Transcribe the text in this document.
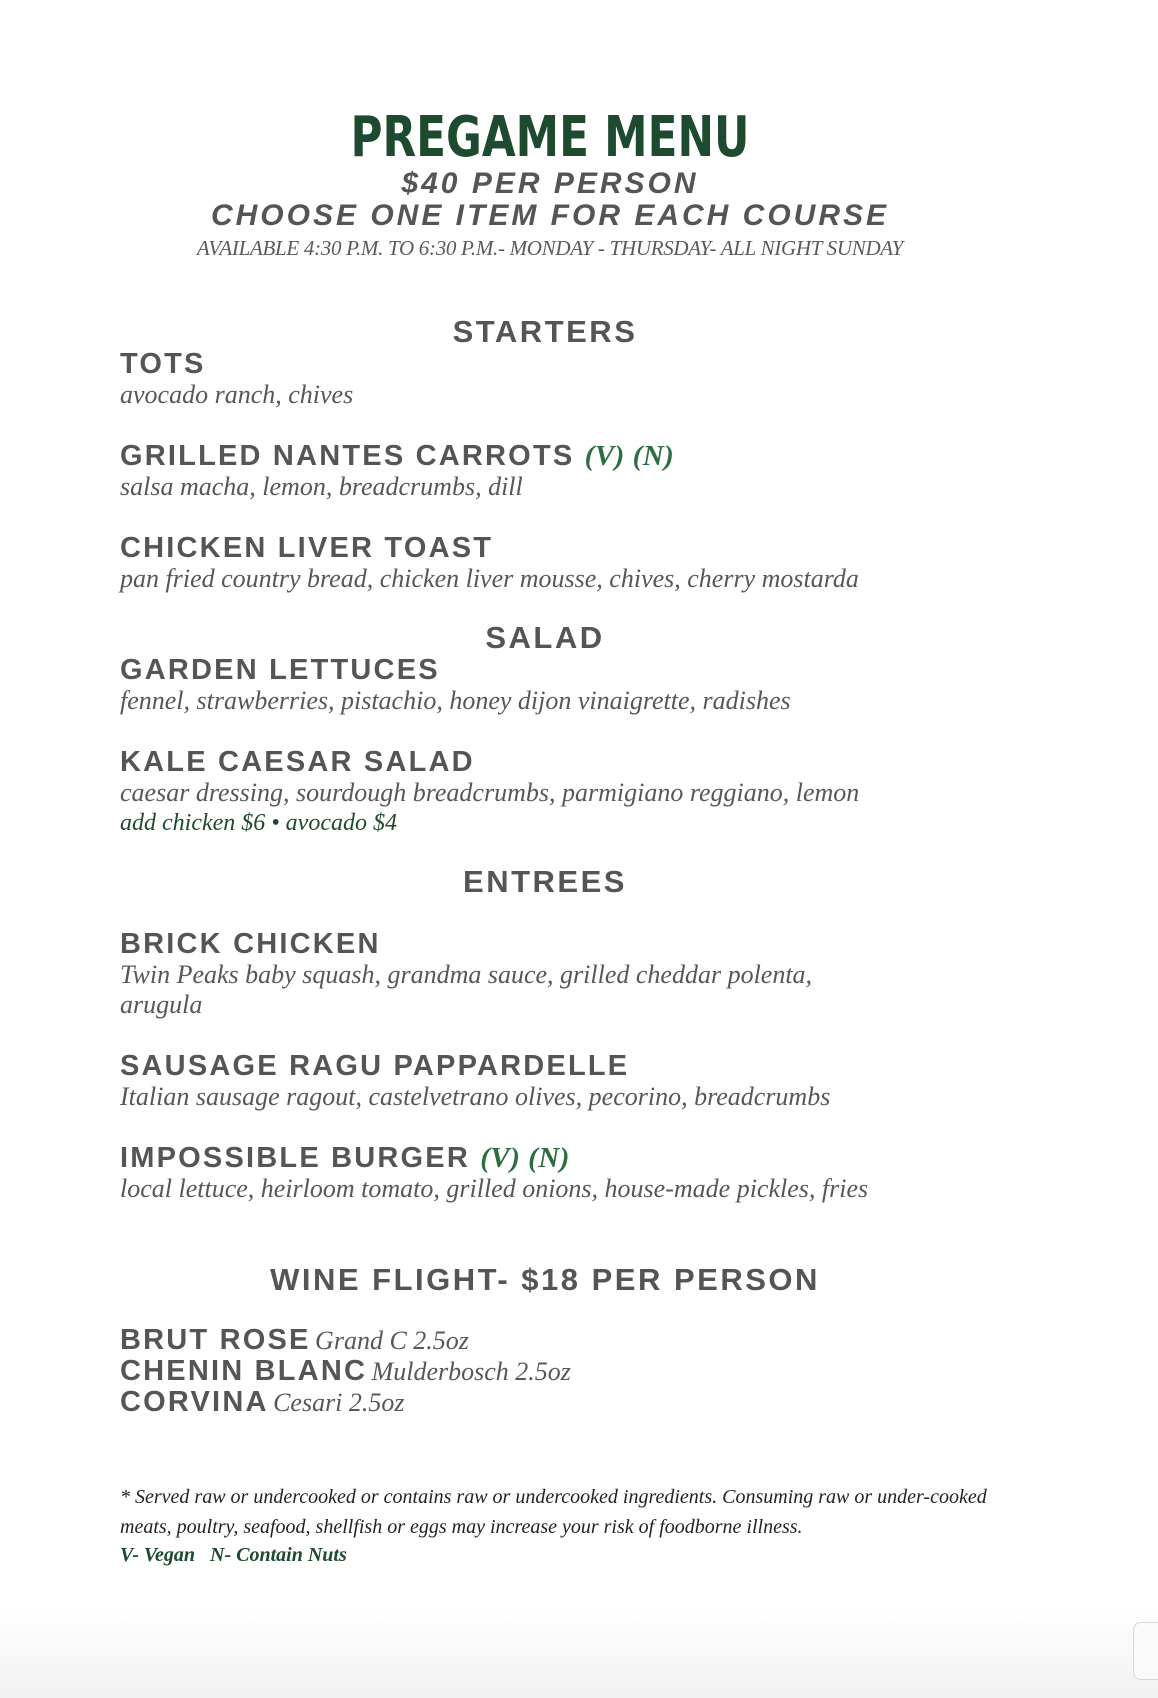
PREGAME MENU
$40 PER PERSON
CHOOSE ONE ITEM FOR EACH COURSE
AVAILABLE 4:30 P.M. TO 6:30 P.M.- MONDAY - THURSDAY- ALL NIGHT SUNDAY
STARTERS
TOTS
avocado ranch, chives
GRILLED NANTES CARROTS (V) (N)
salsa macha, lemon, breadcrumbs, dill
CHICKEN LIVER TOAST
pan fried country bread, chicken liver mousse, chives, cherry mostarda
SALAD
GARDEN LETTUCES
fennel, strawberries, pistachio, honey dijon vinaigrette, radishes
KALE CAESAR SALAD
caesar dressing, sourdough breadcrumbs, parmigiano reggiano, lemon
add chicken $6 • avocado $4
ENTREES
BRICK CHICKEN
Twin Peaks baby squash, grandma sauce, grilled cheddar polenta,
arugula
SAUSAGE RAGU PAPPARDELLE
Italian sausage ragout, castelvetrano olives, pecorino, breadcrumbs
IMPOSSIBLE BURGER (V) (N)
local lettuce, heirloom tomato, grilled onions, house-made pickles, fries
WINE FLIGHT- $18 PER PERSON
BRUT ROSE Grand C 2.5oz
CHENIN BLANC Mulderbosch 2.5oz
CORVINA Cesari 2.5oz
* Served raw or undercooked or contains raw or undercooked ingredients. Consuming raw or under-cooked meats, poultry, seafood, shellfish or eggs may increase your risk of foodborne illness.
V- Vegan   N- Contain Nuts
